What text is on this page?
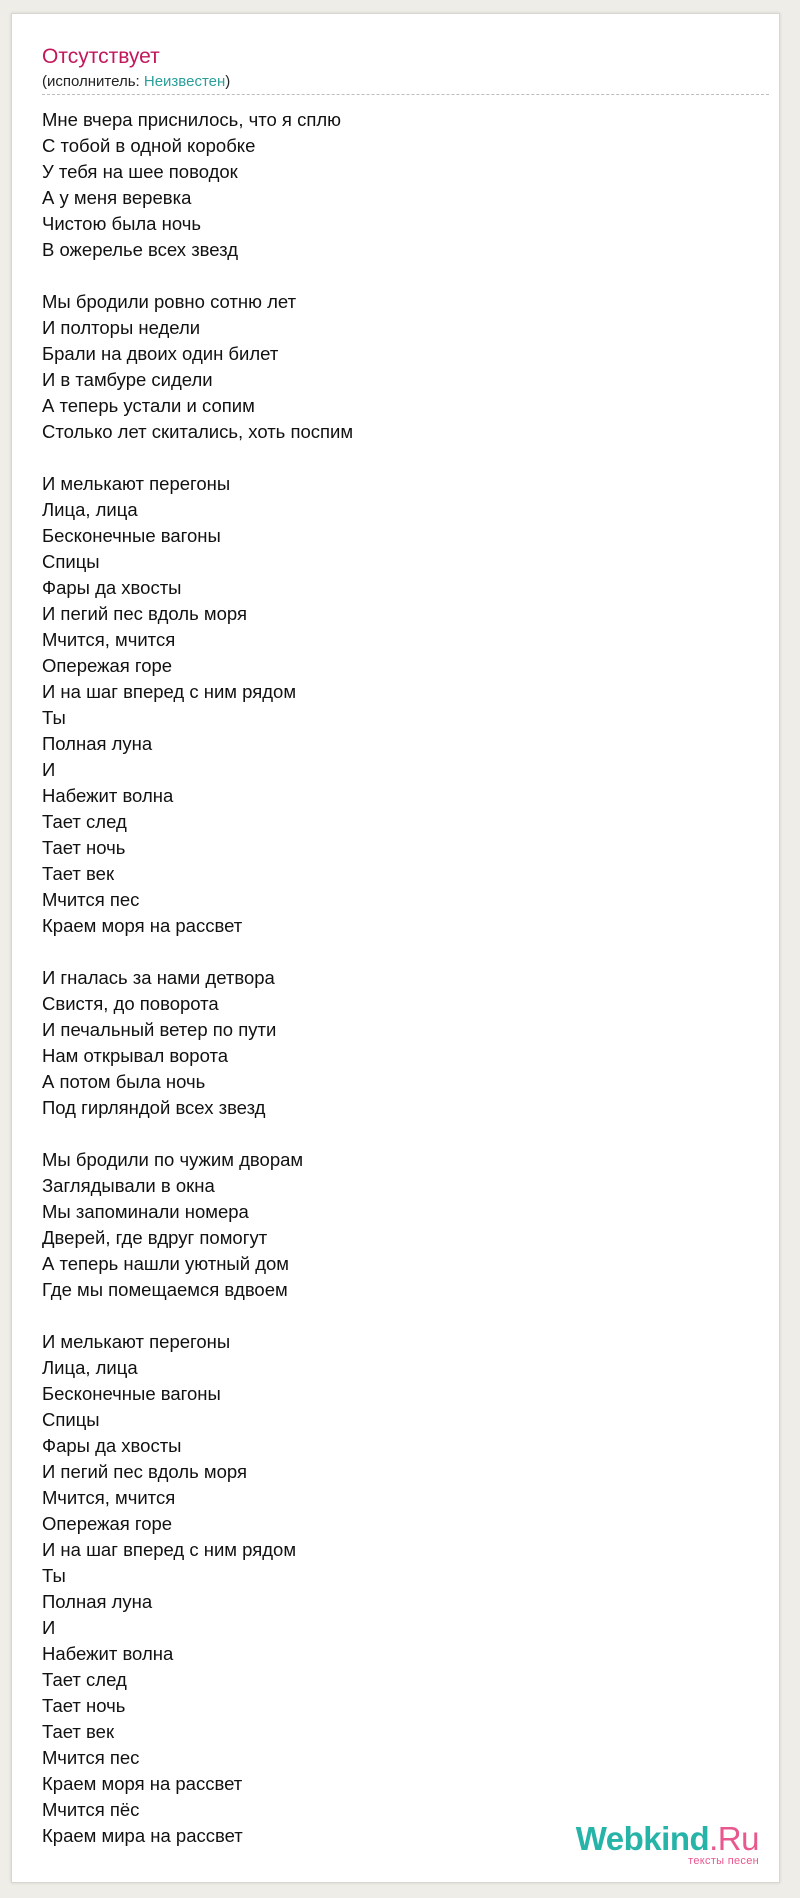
Отсутствует
(исполнитель: Неизвестен)
Мне вчера приснилось, что я сплю
С тобой в одной коробке
У тебя на шее поводок
А у меня веревка
Чистою была ночь
В ожерелье всех звезд
Мы бродили ровно сотню лет
И полторы недели
Брали на двоих один билет
И в тамбуре сидели
А теперь устали и сопим
Столько лет скитались, хоть поспим
И мелькают перегоны
Лица, лица
Бесконечные вагоны
Спицы
Фары да хвосты
И пегий пес вдоль моря
Мчится, мчится
Опережая горе
И на шаг вперед с ним рядом
Ты
Полная луна
И
Набежит волна
Тает след
Тает ночь
Тает век
Мчится пес
Краем моря на рассвет
И гналась за нами детвора
Свистя, до поворота
И печальный ветер по пути
Нам открывал ворота
А потом была ночь
Под гирляндой всех звезд
Мы бродили по чужим дворам
Заглядывали в окна
Мы запоминали номера
Дверей, где вдруг помогут
А теперь нашли уютный дом
Где мы помещаемся вдвоем
И мелькают перегоны
Лица, лица
Бесконечные вагоны
Спицы
Фары да хвосты
И пегий пес вдоль моря
Мчится, мчится
Опережая горе
И на шаг вперед с ним рядом
Ты
Полная луна
И
Набежит волна
Тает след
Тает ночь
Тает век
Мчится пес
Краем моря на рассвет
Мчится пёс
Краем мира на рассвет	Webkind.Ru
тексты песен
